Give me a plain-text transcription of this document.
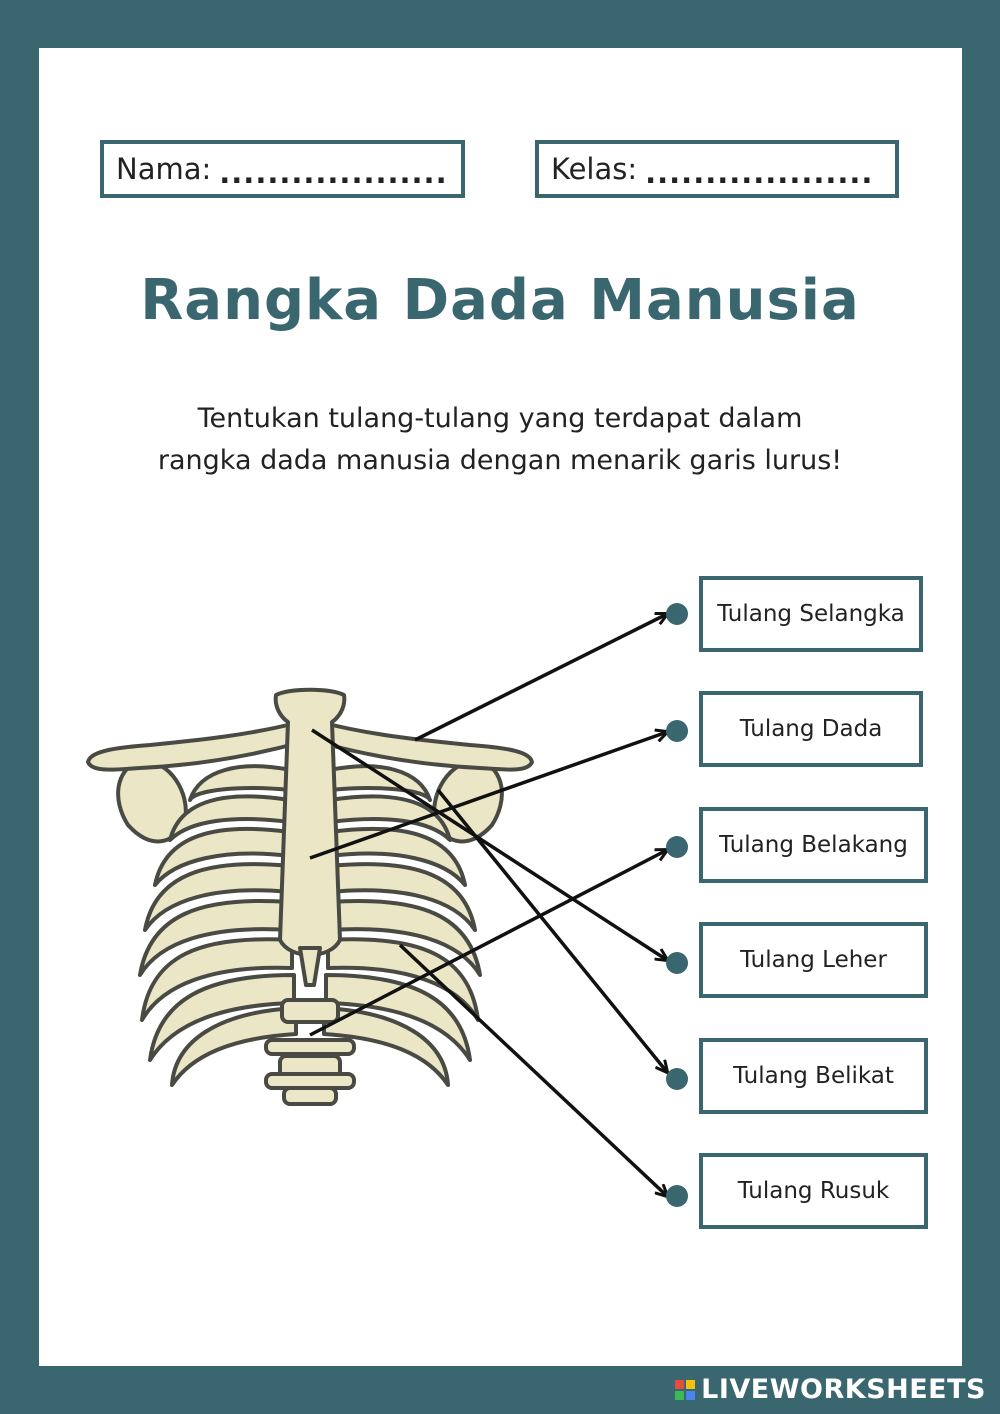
Nama: ...................	Kelas: ...................
Rangka Dada Manusia
Tentukan tulang-tulang yang terdapat dalam
rangka dada manusia dengan menarik garis lurus!
Tulang Selangka
Tulang Dada
Tulang Belakang
Tulang Leher
Tulang Belikat
Tulang Rusuk
LIVEWORKSHEETS
